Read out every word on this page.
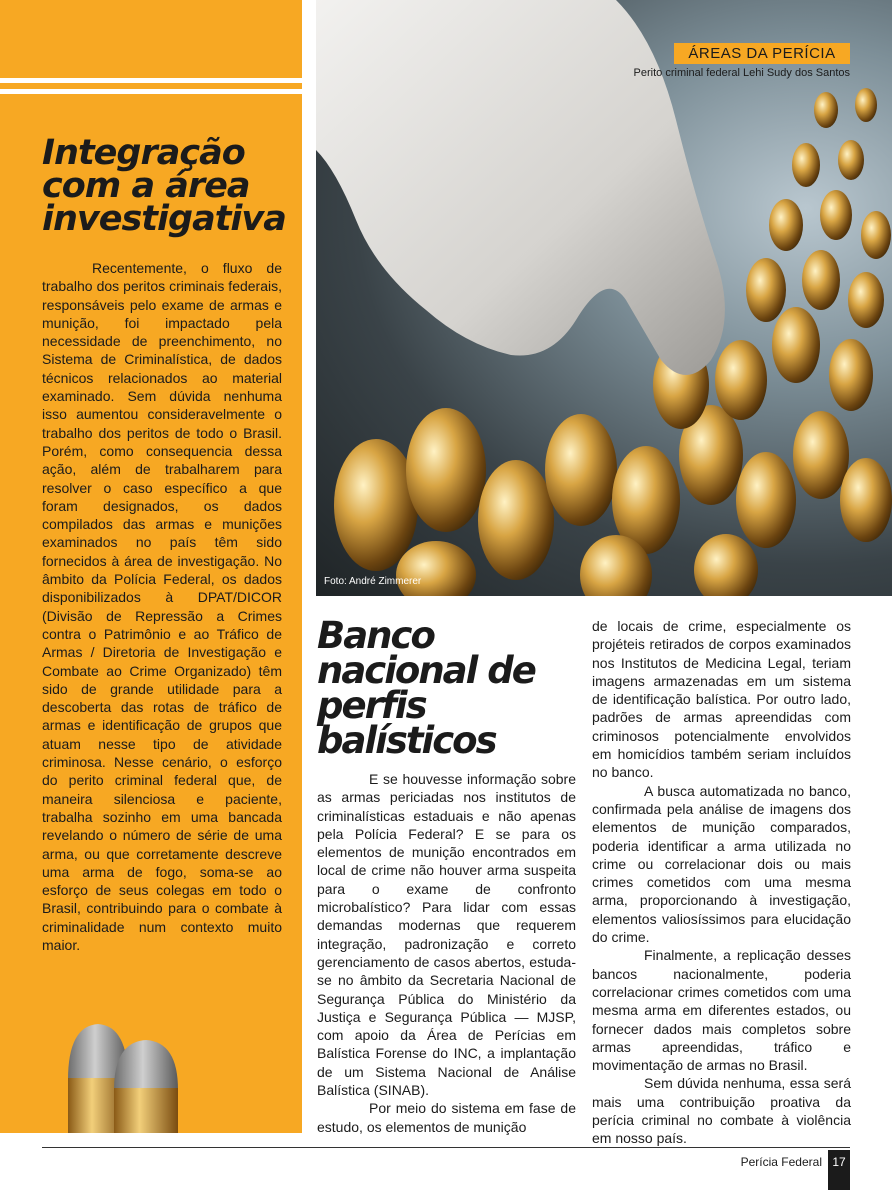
Integração com a área investigativa

Recentemente, o fluxo de trabalho dos peritos criminais federais, responsáveis pelo exame de armas e munição, foi impactado pela necessidade de preenchimento, no Sistema de Criminalística, de dados técnicos relacionados ao material examinado. Sem dúvida nenhuma isso aumentou consideravelmente o trabalho dos peritos de todo o Brasil. Porém, como consequencia dessa ação, além de trabalharem para resolver o caso específico a que foram designados, os dados compilados das armas e munições examinados no país têm sido fornecidos à área de investigação. No âmbito da Polícia Federal, os dados disponibilizados à DPAT/DICOR (Divisão de Repressão a Crimes contra o Patrimônio e ao Tráfico de Armas / Diretoria de Investigação e Combate ao Crime Organizado) têm sido de grande utilidade para a descoberta das rotas de tráfico de armas e identificação de grupos que atuam nesse tipo de atividade criminosa. Nesse cenário, o esforço do perito criminal federal que, de maneira silenciosa e paciente, trabalha sozinho em uma bancada revelando o número de série de uma arma, ou que corretamente descreve uma arma de fogo, soma-se ao esforço de seus colegas em todo o Brasil, contribuindo para o combate à criminalidade num contexto muito maior.

Foto: André Zimmerer
ÁREAS DA PERÍCIA
Perito criminal federal Lehi Sudy dos Santos
Banco nacional de perfis balísticos
E se houvesse informação sobre as armas periciadas nos institutos de criminalísticas estaduais e não apenas pela Polícia Federal? E se para os elementos de munição encontrados em local de crime não houver arma suspeita para o exame de confronto microbalístico? Para lidar com essas demandas modernas que requerem integração, padronização e correto gerenciamento de casos abertos, estuda-se no âmbito da Secretaria Nacional de Segurança Pública do Ministério da Justiça e Segurança Pública — MJSP, com apoio da Área de Perícias em Balística Forense do INC, a implantação de um Sistema Nacional de Análise Balística (SINAB).
Por meio do sistema em fase de estudo, os elementos de munição
de locais de crime, especialmente os projéteis retirados de corpos examinados nos Institutos de Medicina Legal, teriam imagens armazenadas em um sistema de identificação balística. Por outro lado, padrões de armas apreendidas com criminosos potencialmente envolvidos em homicídios também seriam incluídos no banco.
A busca automatizada no banco, confirmada pela análise de imagens dos elementos de munição comparados, poderia identificar a arma utilizada no crime ou correlacionar dois ou mais crimes cometidos com uma mesma arma, proporcionando à investigação, elementos valiosíssimos para elucidação do crime.
Finalmente, a replicação desses bancos nacionalmente, poderia correlacionar crimes cometidos com uma mesma arma em diferentes estados, ou fornecer dados mais completos sobre armas apreendidas, tráfico e movimentação de armas no Brasil.
Sem dúvida nenhuma, essa será mais uma contribuição proativa da perícia criminal no combate à violência em nosso país.
Perícia Federal 17
